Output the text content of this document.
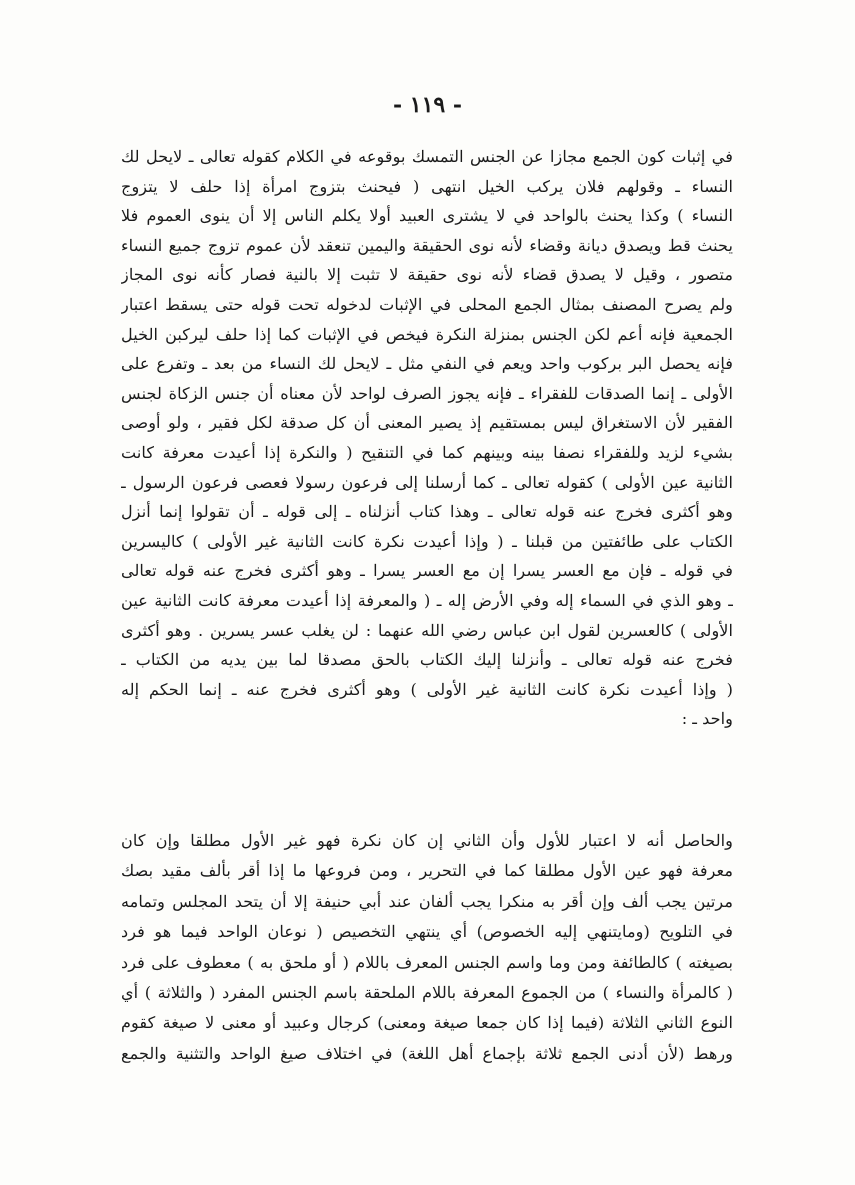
- ١١٩ -
في إثبات كون الجمع مجازا عن الجنس التمسك بوقوعه في الكلام كقوله تعالى ـ لايحل لك
النساء ـ وقولهم فلان يركب الخيل انتهى ( فيحنث بتزوج امرأة إذا حلف لا يتزوج
النساء ) وكذا يحنث بالواحد في لا يشترى العبيد أولا يكلم الناس إلا أن ينوى العموم فلا
يحنث قط ويصدق ديانة وقضاء لأنه نوى الحقيقة واليمين تنعقد لأن عموم تزوج جميع النساء
متصور ، وقيل لا يصدق قضاء لأنه نوى حقيقة لا تثبت إلا بالنية فصار كأنه نوى المجاز
ولم يصرح المصنف بمثال الجمع المحلى في الإثبات لدخوله تحت قوله حتى يسقط اعتبار
الجمعية فإنه أعم لكن الجنس بمنزلة النكرة فيخص في الإثبات كما إذا حلف ليركبن الخيل
فإنه يحصل البر بركوب واحد ويعم في النفي مثل ـ لايحل لك النساء من بعد ـ وتفرع على
الأولى ـ إنما الصدقات للفقراء ـ فإنه يجوز الصرف لواحد لأن معناه أن جنس الزكاة لجنس
الفقير لأن الاستغراق ليس بمستقيم إذ يصير المعنى أن كل صدقة لكل فقير ، ولو أوصى
بشيء لزيد وللفقراء نصفا بينه وبينهم كما في التنقيح ( والنكرة إذا أعيدت معرفة كانت
الثانية عين الأولى ) كقوله تعالى ـ كما أرسلنا إلى فرعون رسولا فعصى فرعون الرسول ـ
وهو أكثرى فخرج عنه قوله تعالى ـ وهذا كتاب أنزلناه ـ إلى قوله ـ أن تقولوا إنما أنزل
الكتاب على طائفتين من قبلنا ـ ( وإذا أعيدت نكرة كانت الثانية غير الأولى ) كاليسرين
في قوله ـ فإن مع العسر يسرا إن مع العسر يسرا ـ وهو أكثرى فخرج عنه قوله تعالى
ـ وهو الذي في السماء إله وفي الأرض إله ـ ( والمعرفة إذا أعيدت معرفة كانت الثانية عين
الأولى ) كالعسرين لقول ابن عباس رضي الله عنهما : لن يغلب عسر يسرين . وهو أكثرى
فخرج عنه قوله تعالى ـ وأنزلنا إليك الكتاب بالحق مصدقا لما بين يديه من الكتاب ـ
( وإذا أعيدت نكرة كانت الثانية غير الأولى ) وهو أكثرى فخرج عنه ـ إنما الحكم إله
واحد ـ :
والحاصل أنه لا اعتبار للأول وأن الثاني إن كان نكرة فهو غير الأول مطلقا وإن كان
معرفة فهو عين الأول مطلقا كما في التحرير ، ومن فروعها ما إذا أقر بألف مقيد بصك
مرتين يجب ألف وإن أقر به منكرا يجب ألفان عند أبي حنيفة إلا أن يتحد المجلس وتمامه
في التلويح (ومايتنهي إليه الخصوص) أي ينتهي التخصيص ( نوعان الواحد فيما هو فرد
بصيغته ) كالطائفة ومن وما واسم الجنس المعرف باللام ( أو ملحق به ) معطوف على فرد
( كالمرأة والنساء ) من الجموع المعرفة باللام الملحقة باسم الجنس المفرد ( والثلاثة ) أي
النوع الثاني الثلاثة (فيما إذا كان جمعا صيغة ومعنى) كرجال وعبيد أو معنى لا صيغة كقوم
ورهط (لأن أدنى الجمع ثلاثة بإجماع أهل اللغة) في اختلاف صيغ الواحد والتثنية والجمع
